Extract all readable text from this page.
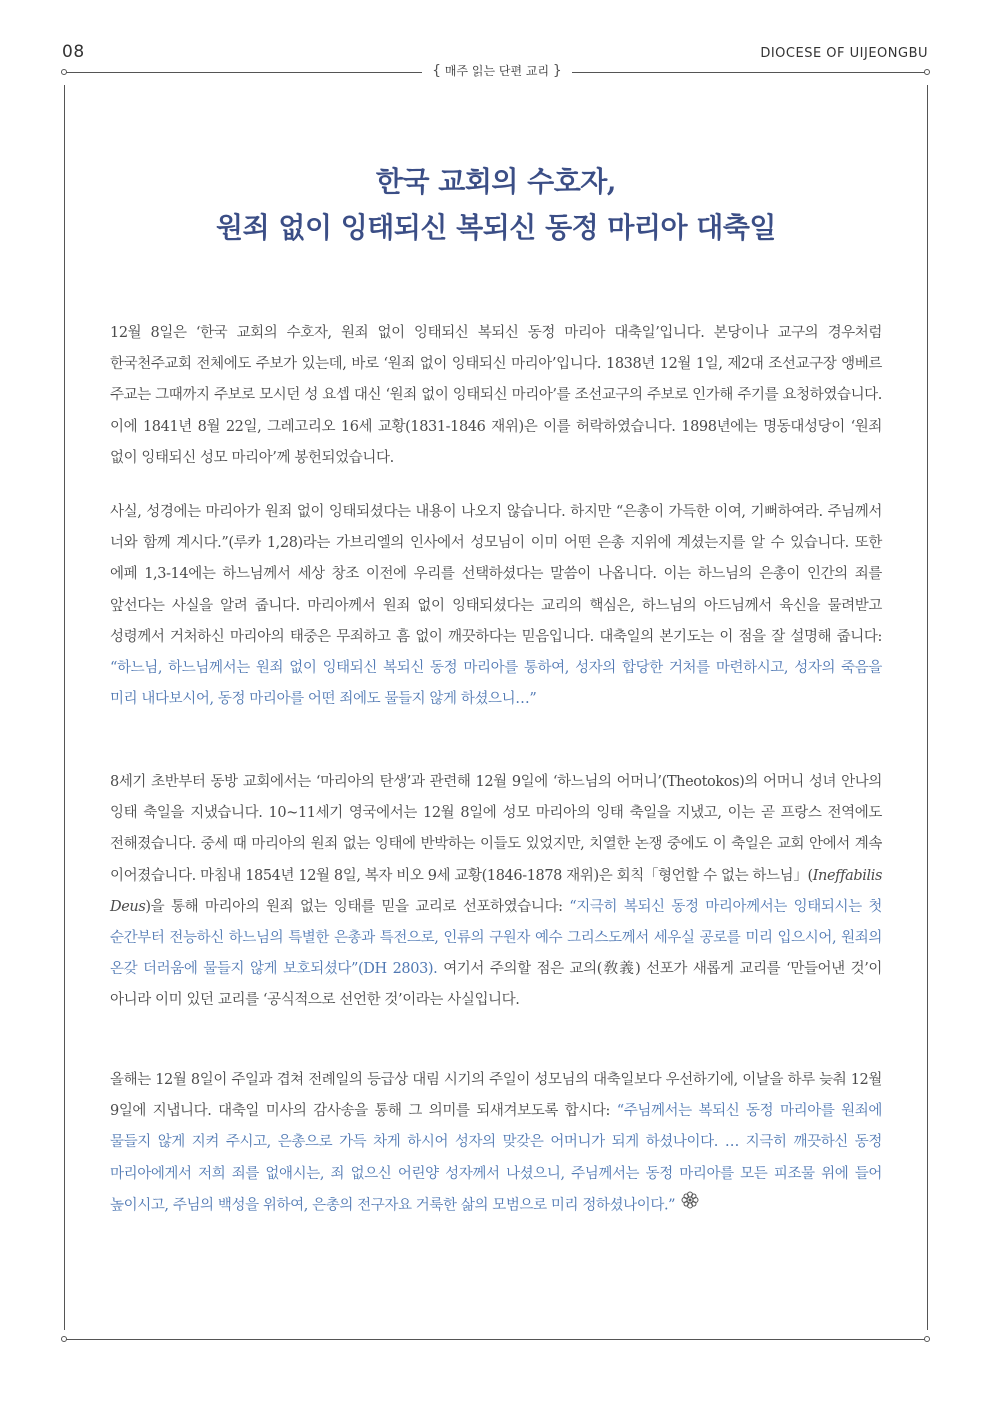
08	DIOCESE OF UIJEONGBU
{ 매주 읽는 단편 교리 }
한국 교회의 수호자,
원죄 없이 잉태되신 복되신 동정 마리아 대축일
12월 8일은 ‘한국 교회의 수호자, 원죄 없이 잉태되신 복되신 동정 마리아 대축일’입니다. 본당이나 교구의 경우처럼 한국천주교회 전체에도 주보가 있는데, 바로 ‘원죄 없이 잉태되신 마리아’입니다. 1838년 12월 1일, 제2대 조선교구장 앵베르 주교는 그때까지 주보로 모시던 성 요셉 대신 ‘원죄 없이 잉태되신 마리아’를 조선교구의 주보로 인가해 주기를 요청하였습니다. 이에 1841년 8월 22일, 그레고리오 16세 교황(1831-1846 재위)은 이를 허락하였습니다. 1898년에는 명동대성당이 ‘원죄 없이 잉태되신 성모 마리아’께 봉헌되었습니다.
사실, 성경에는 마리아가 원죄 없이 잉태되셨다는 내용이 나오지 않습니다. 하지만 “은총이 가득한 이여, 기뻐하여라. 주님께서 너와 함께 계시다.”(루카 1,28)라는 가브리엘의 인사에서 성모님이 이미 어떤 은총 지위에 계셨는지를 알 수 있습니다. 또한 에페 1,3-14에는 하느님께서 세상 창조 이전에 우리를 선택하셨다는 말씀이 나옵니다. 이는 하느님의 은총이 인간의 죄를 앞선다는 사실을 알려 줍니다. 마리아께서 원죄 없이 잉태되셨다는 교리의 핵심은, 하느님의 아드님께서 육신을 물려받고 성령께서 거처하신 마리아의 태중은 무죄하고 흠 없이 깨끗하다는 믿음입니다. 대축일의 본기도는 이 점을 잘 설명해 줍니다: “하느님, 하느님께서는 원죄 없이 잉태되신 복되신 동정 마리아를 통하여, 성자의 합당한 거처를 마련하시고, 성자의 죽음을 미리 내다보시어, 동정 마리아를 어떤 죄에도 물들지 않게 하셨으니…”
8세기 초반부터 동방 교회에서는 ‘마리아의 탄생’과 관련해 12월 9일에 ‘하느님의 어머니’(Theotokos)의 어머니 성녀 안나의 잉태 축일을 지냈습니다. 10~11세기 영국에서는 12월 8일에 성모 마리아의 잉태 축일을 지냈고, 이는 곧 프랑스 전역에도 전해졌습니다. 중세 때 마리아의 원죄 없는 잉태에 반박하는 이들도 있었지만, 치열한 논쟁 중에도 이 축일은 교회 안에서 계속 이어졌습니다. 마침내 1854년 12월 8일, 복자 비오 9세 교황(1846-1878 재위)은 회칙「형언할 수 없는 하느님」(Ineffabilis Deus)을 통해 마리아의 원죄 없는 잉태를 믿을 교리로 선포하였습니다: “지극히 복되신 동정 마리아께서는 잉태되시는 첫 순간부터 전능하신 하느님의 특별한 은총과 특전으로, 인류의 구원자 예수 그리스도께서 세우실 공로를 미리 입으시어, 원죄의 온갖 더러움에 물들지 않게 보호되셨다”(DH 2803). 여기서 주의할 점은 교의(敎義) 선포가 새롭게 교리를 ‘만들어낸 것’이 아니라 이미 있던 교리를 ‘공식적으로 선언한 것’이라는 사실입니다.
올해는 12월 8일이 주일과 겹쳐 전례일의 등급상 대림 시기의 주일이 성모님의 대축일보다 우선하기에, 이날을 하루 늦춰 12월 9일에 지냅니다. 대축일 미사의 감사송을 통해 그 의미를 되새겨보도록 합시다: “주님께서는 복되신 동정 마리아를 원죄에 물들지 않게 지켜 주시고, 은총으로 가득 차게 하시어 성자의 맞갖은 어머니가 되게 하셨나이다. … 지극히 깨끗하신 동정 마리아에게서 저희 죄를 없애시는, 죄 없으신 어린양 성자께서 나셨으니, 주님께서는 동정 마리아를 모든 피조물 위에 들어 높이시고, 주님의 백성을 위하여, 은총의 전구자요 거룩한 삶의 모범으로 미리 정하셨나이다.”
